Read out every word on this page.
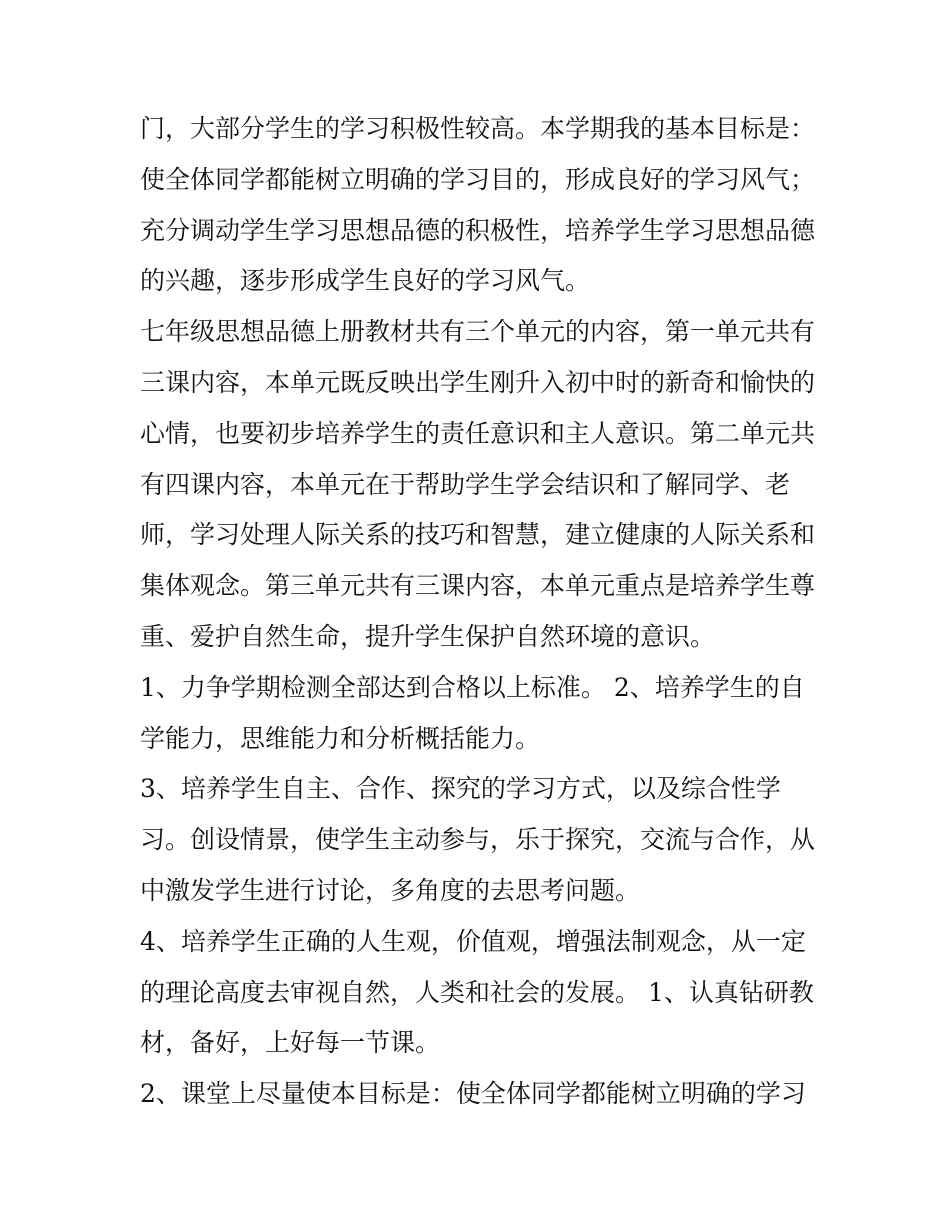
门，大部分学生的学习积极性较高。本学期我的基本目标是：
使全体同学都能树立明确的学习目的，形成良好的学习风气；
充分调动学生学习思想品德的积极性，培养学生学习思想品德
的兴趣，逐步形成学生良好的学习风气。
七年级思想品德上册教材共有三个单元的内容，第一单元共有
三课内容，本单元既反映出学生刚升入初中时的新奇和愉快的
心情，也要初步培养学生的责任意识和主人意识。第二单元共
有四课内容，本单元在于帮助学生学会结识和了解同学、老
师，学习处理人际关系的技巧和智慧，建立健康的人际关系和
集体观念。第三单元共有三课内容，本单元重点是培养学生尊
重、爱护自然生命，提升学生保护自然环境的意识。
1、力争学期检测全部达到合格以上标准。 2、培养学生的自
学能力，思维能力和分析概括能力。
3、培养学生自主、合作、探究的学习方式，以及综合性学
习。创设情景，使学生主动参与，乐于探究，交流与合作，从
中激发学生进行讨论，多角度的去思考问题。
4、培养学生正确的人生观，价值观，增强法制观念，从一定
的理论高度去审视自然，人类和社会的发展。 1、认真钻研教
材，备好，上好每一节课。
2、课堂上尽量使本目标是：使全体同学都能树立明确的学习
